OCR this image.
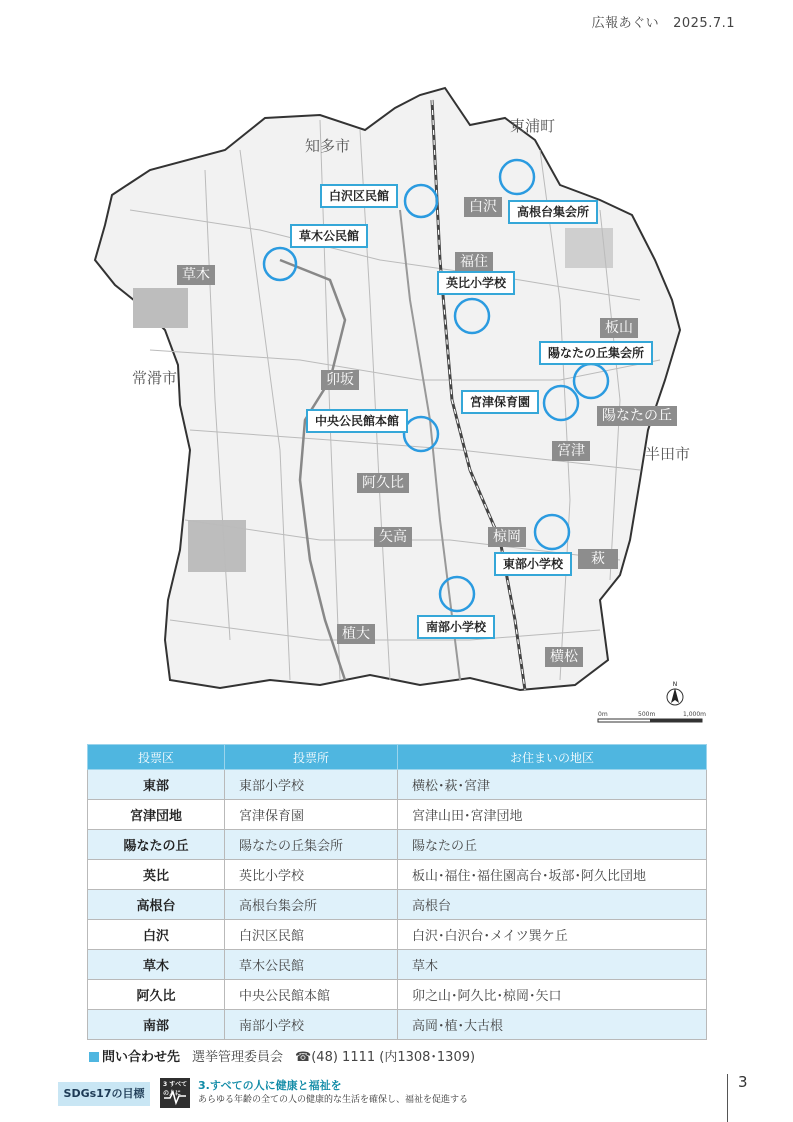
広報あぐい 2025.7.1
N
0m	500m	1,000m
知多市
東浦町
常滑市
半田市
草木
白沢
福住
板山
卯坂
陽なたの丘
宮津
阿久比
矢高	椋岡
萩
植大
横松
白沢区民館
高根台集会所
草木公民館
英比小学校
陽なたの丘集会所
宮津保育園
中央公民館本館
東部小学校
南部小学校
投票区	投票所	お住まいの地区
東部	東部小学校	横松･萩･宮津
宮津団地	宮津保育園	宮津山田･宮津団地
陽なたの丘	陽なたの丘集会所	陽なたの丘
英比	英比小学校	板山･福住･福住園高台･坂部･阿久比団地
高根台	高根台集会所	高根台
白沢	白沢区民館	白沢･白沢台･メイツ巽ケ丘
草木	草木公民館	草木
阿久比	中央公民館本館	卯之山･阿久比･椋岡･矢口
南部	南部小学校	高岡･植･大古根
問い合わせ先 選挙管理委員会 ☎(48) 1111 (内1308･1309)
SDGs17の目標
3 すべての人に
3.すべての人に健康と福祉を
あらゆる年齢の全ての人の健康的な生活を確保し、福祉を促進する
3
